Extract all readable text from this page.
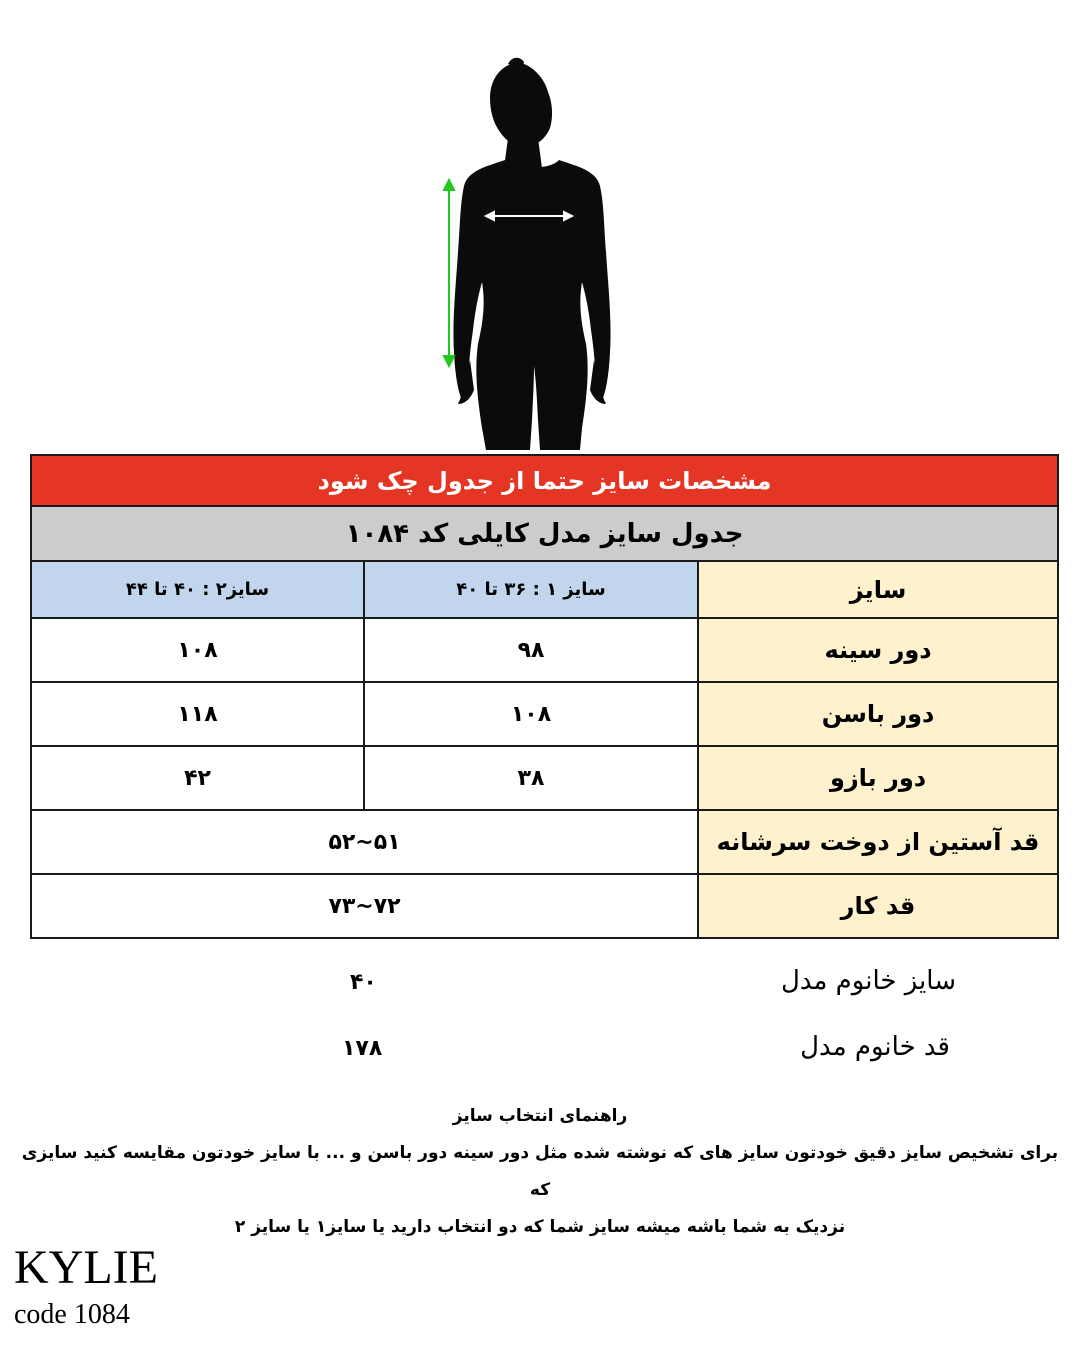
مشخصات سایز حتما از جدول چک شود		
جدول سایز مدل کایلی کد ۱۰۸۴		
سایز	سایز ۱ : ۳۶ تا ۴۰	سایز۲ : ۴۰ تا ۴۴
دور سینه	۹۸	۱۰۸
دور باسن	۱۰۸	۱۱۸
دور بازو	۳۸	۴۲
قد آستین از دوخت سرشانه	۵۱~۵۲	
قد کار	۷۲~۷۳	
سایز خانوم مدل
۴۰
قد خانوم مدل
۱۷۸
راهنمای انتخاب سایز
برای تشخیص سایز دقیق خودتون سایز های که نوشته شده مثل دور سینه دور باسن و ... با سایز خودتون مقایسه کنید سایزی که
نزدیک به شما باشه میشه سایز شما که دو انتخاب دارید یا سایز۱ یا سایز ۲
KYLIE
code 1084
